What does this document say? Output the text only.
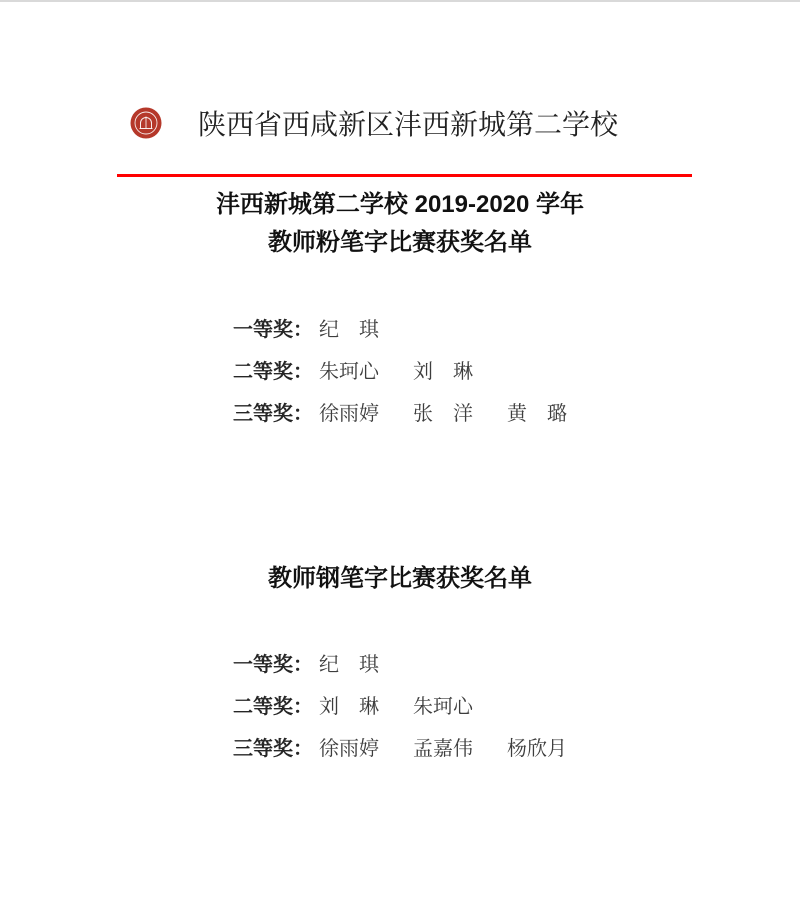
陕西省西咸新区沣西新城第二学校
沣西新城第二学校 2019-2020 学年
教师粉笔字比赛获奖名单
一等奖： 纪　琪
二等奖： 朱珂心 刘　琳
三等奖： 徐雨婷 张　洋 黄　璐
教师钢笔字比赛获奖名单
一等奖： 纪　琪
二等奖： 刘　琳 朱珂心
三等奖： 徐雨婷 孟嘉伟 杨欣月
